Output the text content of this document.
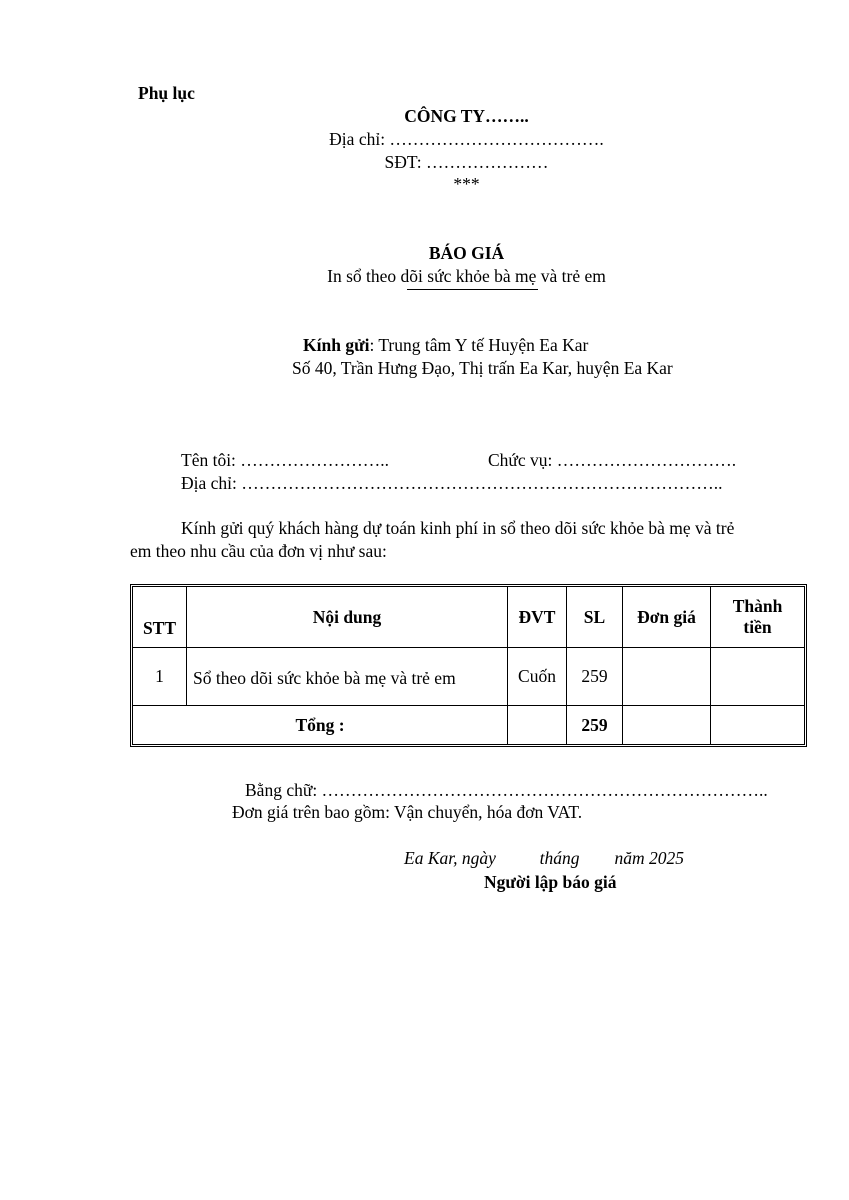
Phụ lục
CÔNG TY……..
Địa chỉ: ……………………………….
SĐT: …………………
***
BÁO GIÁ
In sổ theo dõi sức khỏe bà mẹ và trẻ em
Kính gửi: Trung tâm Y tế Huyện Ea Kar
Số 40, Trần Hưng Đạo, Thị trấn Ea Kar, huyện Ea Kar
Tên tôi: ……………………..	Chức vụ: ………………………….
Địa chỉ: ………………………………………………………………………..
Kính gửi quý khách hàng dự toán kinh phí in sổ theo dõi sức khỏe bà mẹ và trẻ
em theo nhu cầu của đơn vị như sau:
STT	Nội dung	ĐVT	SL	Đơn giá	Thành
tiền
1	Sổ theo dõi sức khỏe bà mẹ và trẻ em	Cuốn	259		
Tổng :			259		
Bằng chữ: …………………………………………………………………..
Đơn giá trên bao gồm: Vận chuyển, hóa đơn VAT.
Ea Kar, ngày          tháng        năm 2025
Người lập báo giá
